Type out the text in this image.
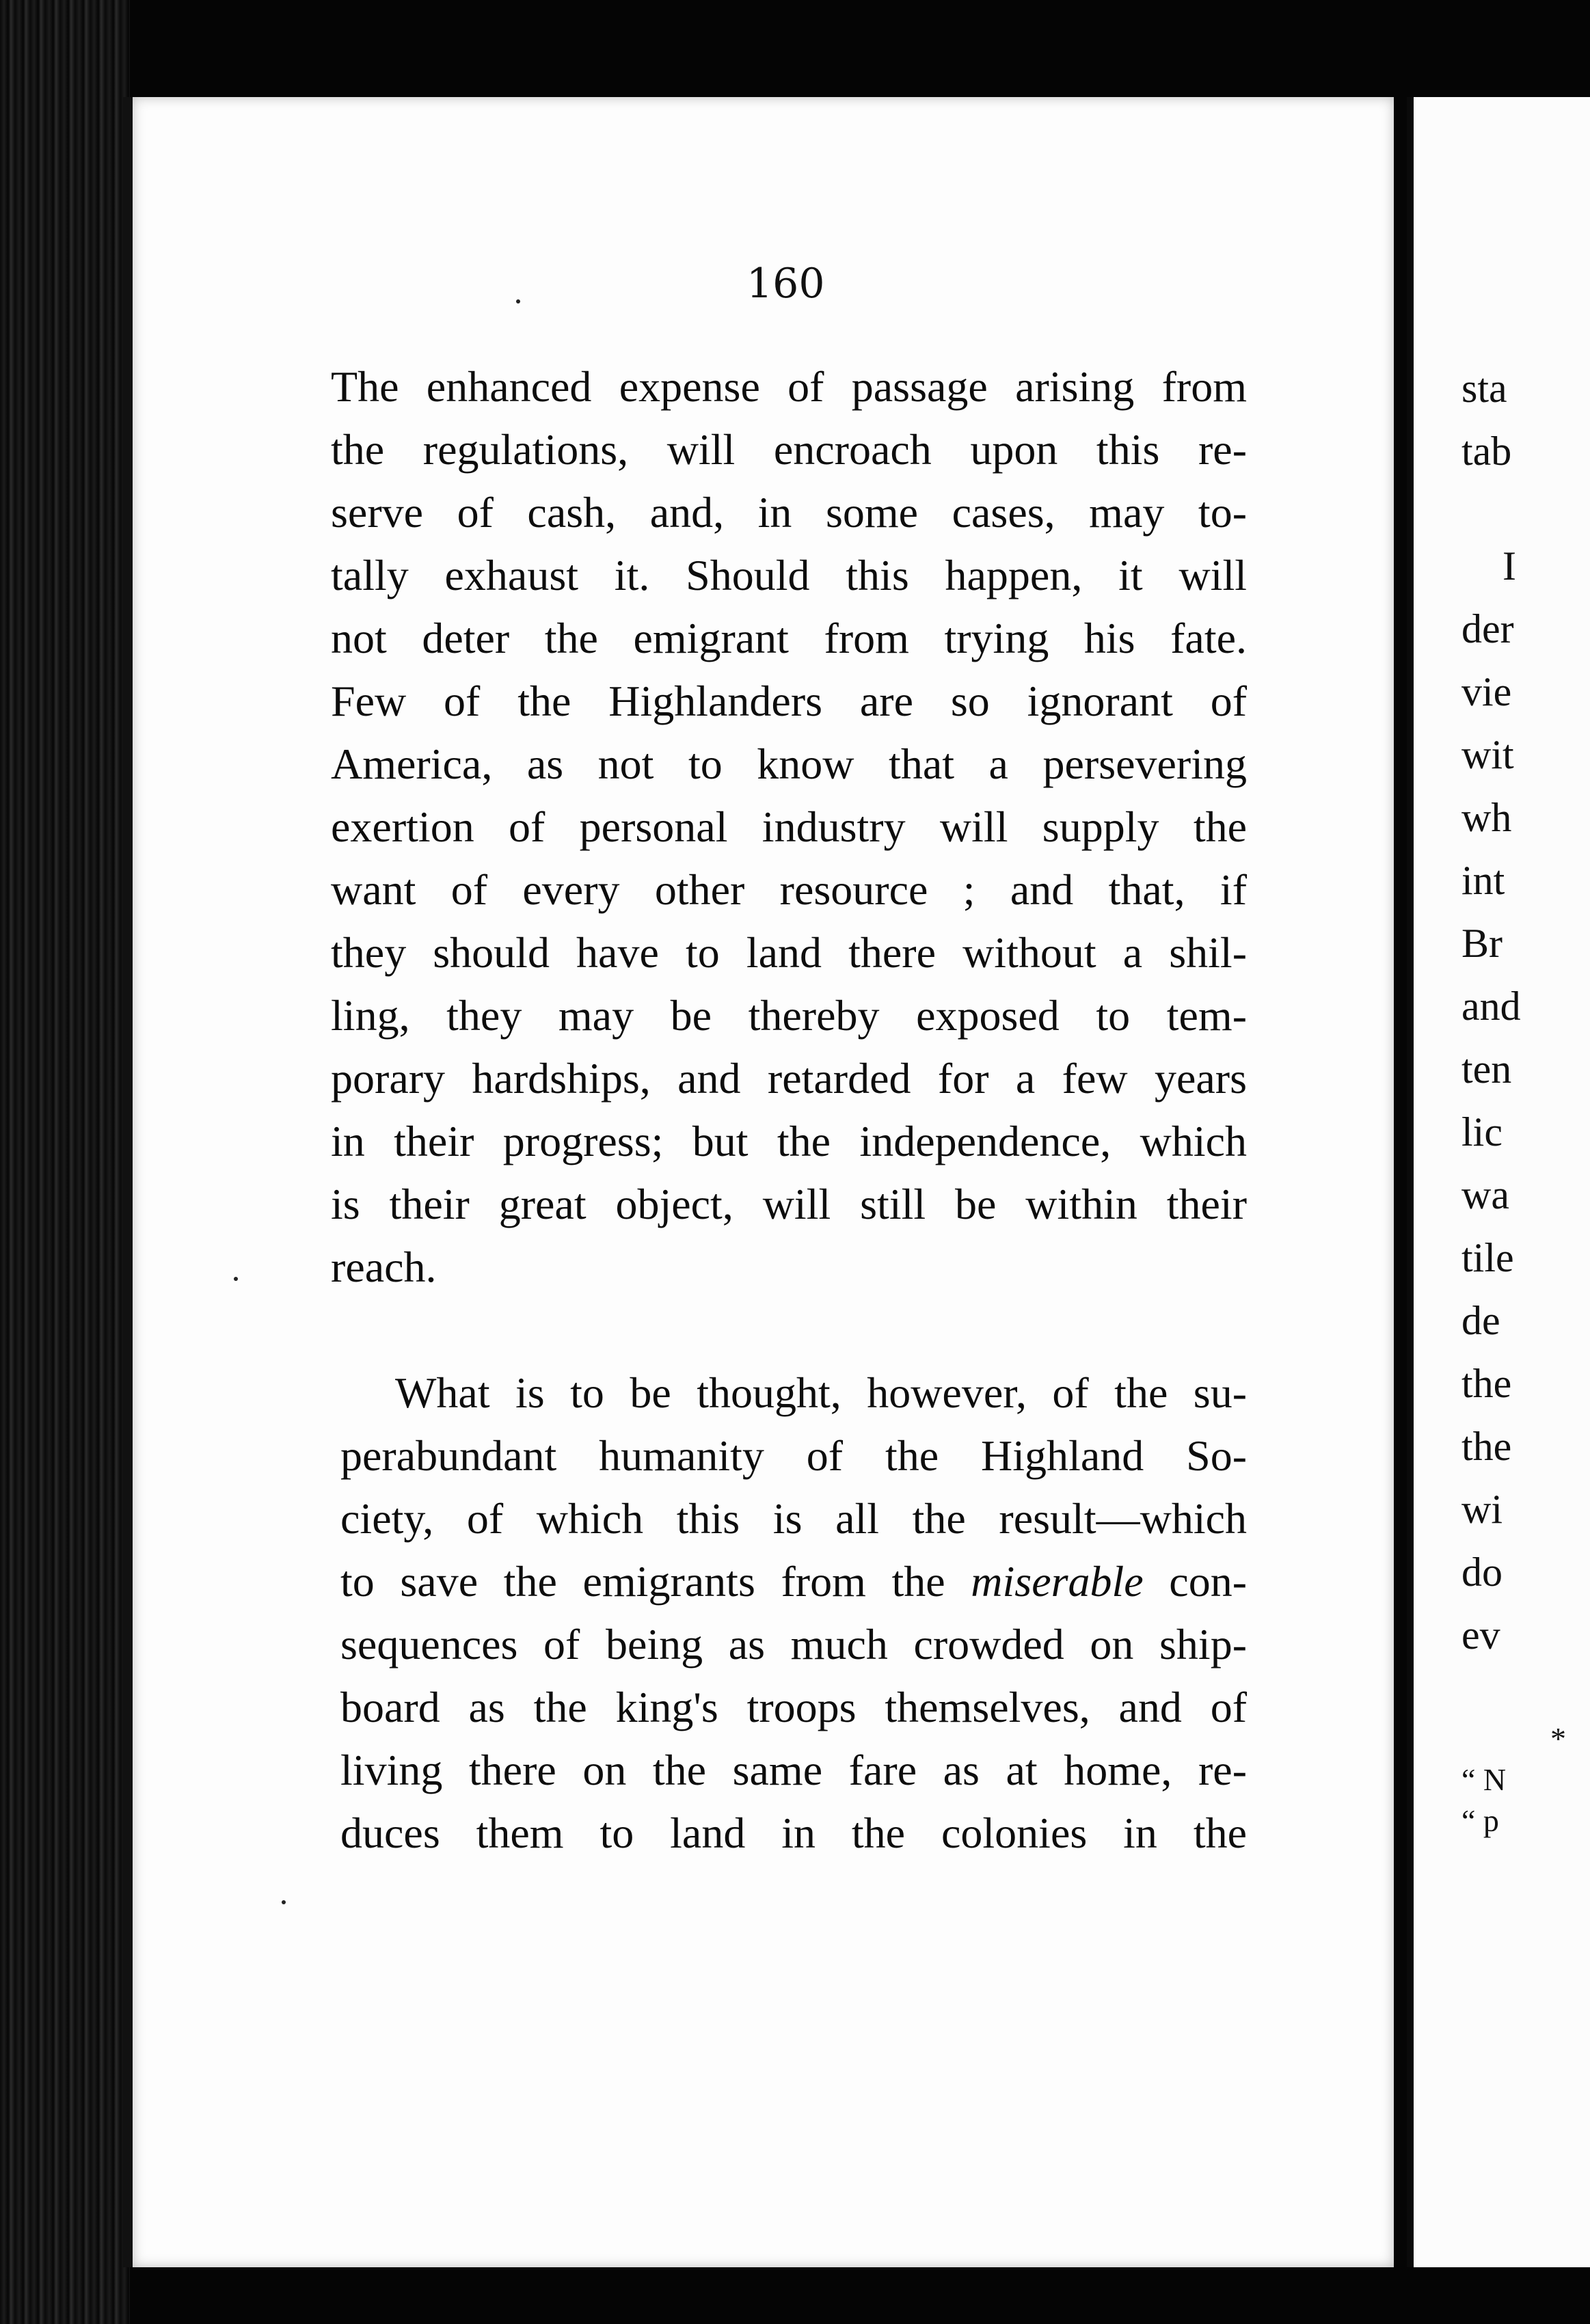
160
The enhanced expense of passage arising from
the regulations, will encroach upon this re-
serve of cash, and, in some cases, may to-
tally exhaust it. Should this happen, it will
not deter the emigrant from trying his fate.
Few of the Highlanders are so ignorant of
America, as not to know that a persevering
exertion of personal industry will supply the
want of every other resource ; and that, if
they should have to land there without a shil-
ling, they may be thereby exposed to tem-
porary hardships, and retarded for a few years
in their progress; but the independence, which
is their great object, will still be within their
reach.
What is to be thought, however, of the su-
perabundant humanity of the Highland So-
ciety, of which this is all the result—which
to save the emigrants from the miserable con-
sequences of being as much crowded on ship-
board as the king's troops themselves, and of
living there on the same fare as at home, re-
duces them to land in the colonies in the
sta
tab
I
der
vie
wit
wh
int
Br
and
ten
lic
wa
tile
de
the
the
wi
do
ev
*
“ N
“ p
